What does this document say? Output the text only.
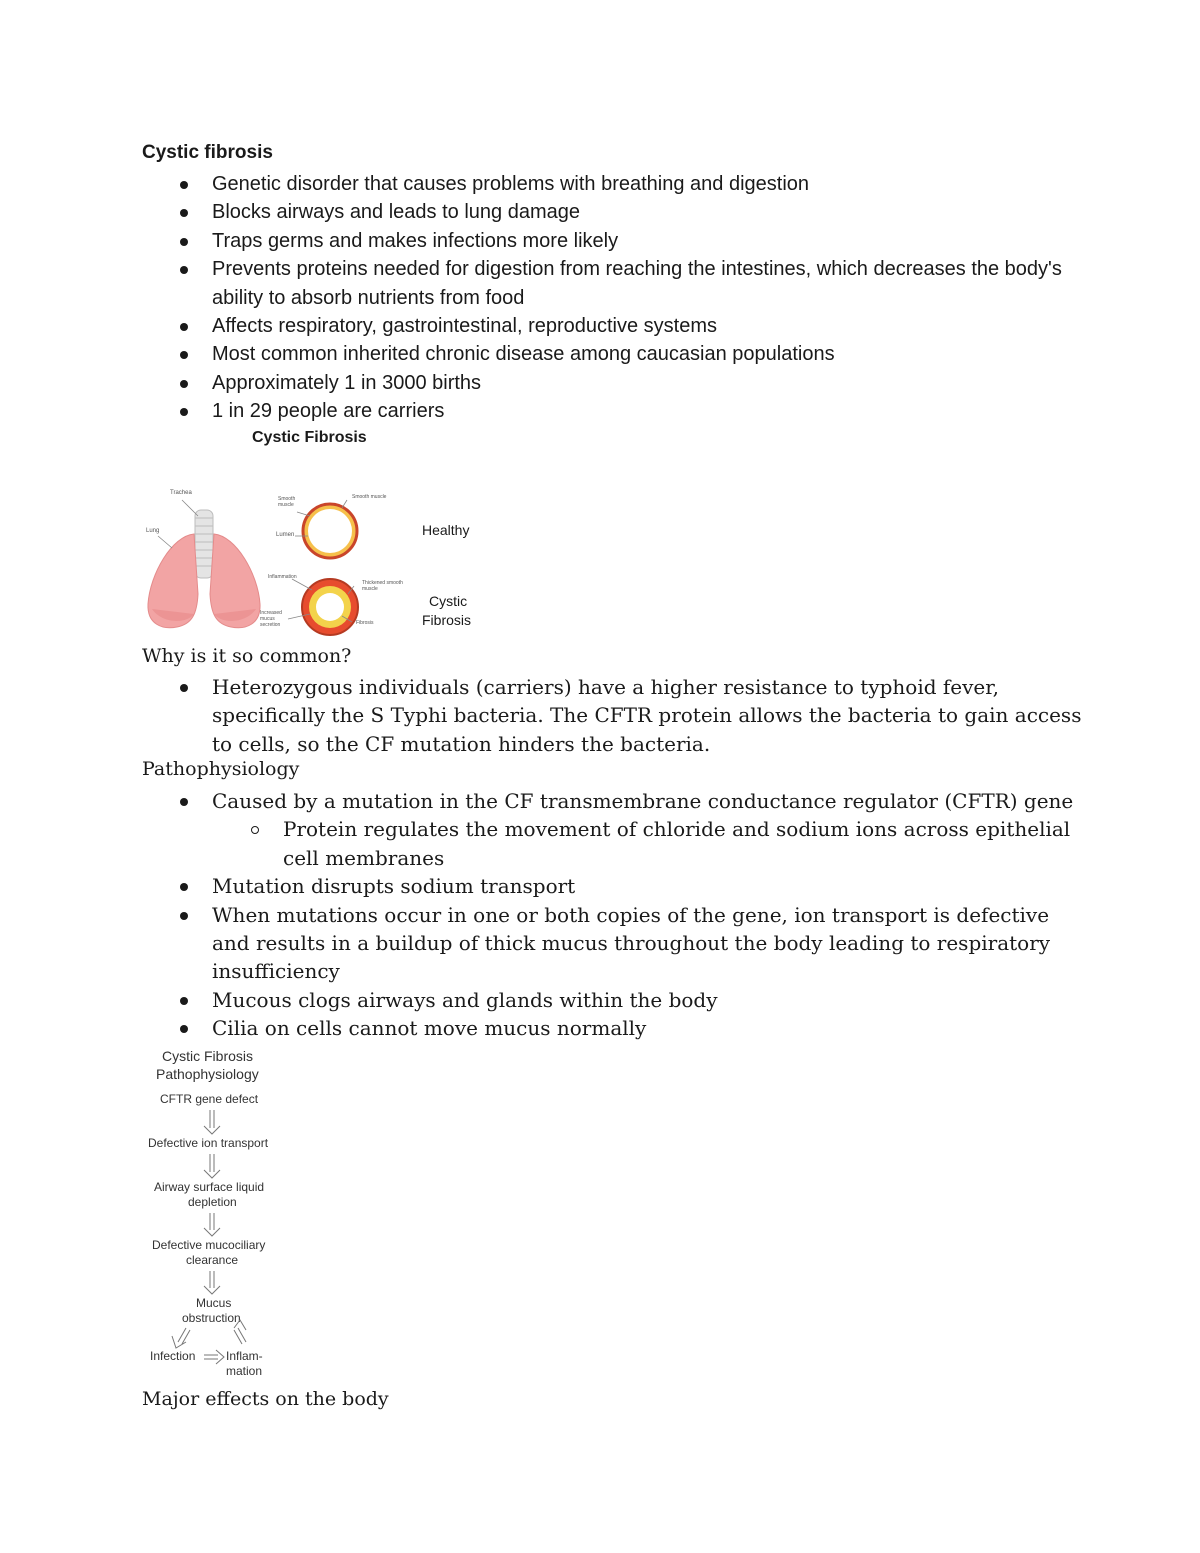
Cystic fibrosis
Genetic disorder that causes problems with breathing and digestion
Blocks airways and leads to lung damage
Traps germs and makes infections more likely
Prevents proteins needed for digestion from reaching the intestines, which decreases the body's ability to absorb nutrients from food
Affects respiratory, gastrointestinal, reproductive systems
Most common inherited chronic disease among caucasian populations
Approximately 1 in 3000 births
1 in 29 people are carriers
Cystic Fibrosis
Trachea
Lung
Smooth muscle
Smooth muscle
Lumen
Inflammation
Thickened smooth muscle
Increased mucus secretion	Fibrosis
Healthy
Cystic
Fibrosis
Why is it so common?
Heterozygous individuals (carriers) have a higher resistance to typhoid fever, specifically the S Typhi bacteria. The CFTR protein allows the bacteria to gain access to cells, so the CF mutation hinders the bacteria.
Pathophysiology
Caused by a mutation in the CF transmembrane conductance regulator (CFTR) gene
Protein regulates the movement of chloride and sodium ions across epithelial cell membranes
Mutation disrupts sodium transport
When mutations occur in one or both copies of the gene, ion transport is defective and results in a buildup of thick mucus throughout the body leading to respiratory insufficiency
Mucous clogs airways and glands within the body
Cilia on cells cannot move mucus normally
Cystic Fibrosis
Pathophysiology
CFTR gene defect
Defective ion transport
Airway surface liquid
depletion
Defective mucociliary
clearance
Mucus
obstruction
Infection	Inflam-
mation
Major effects on the body
